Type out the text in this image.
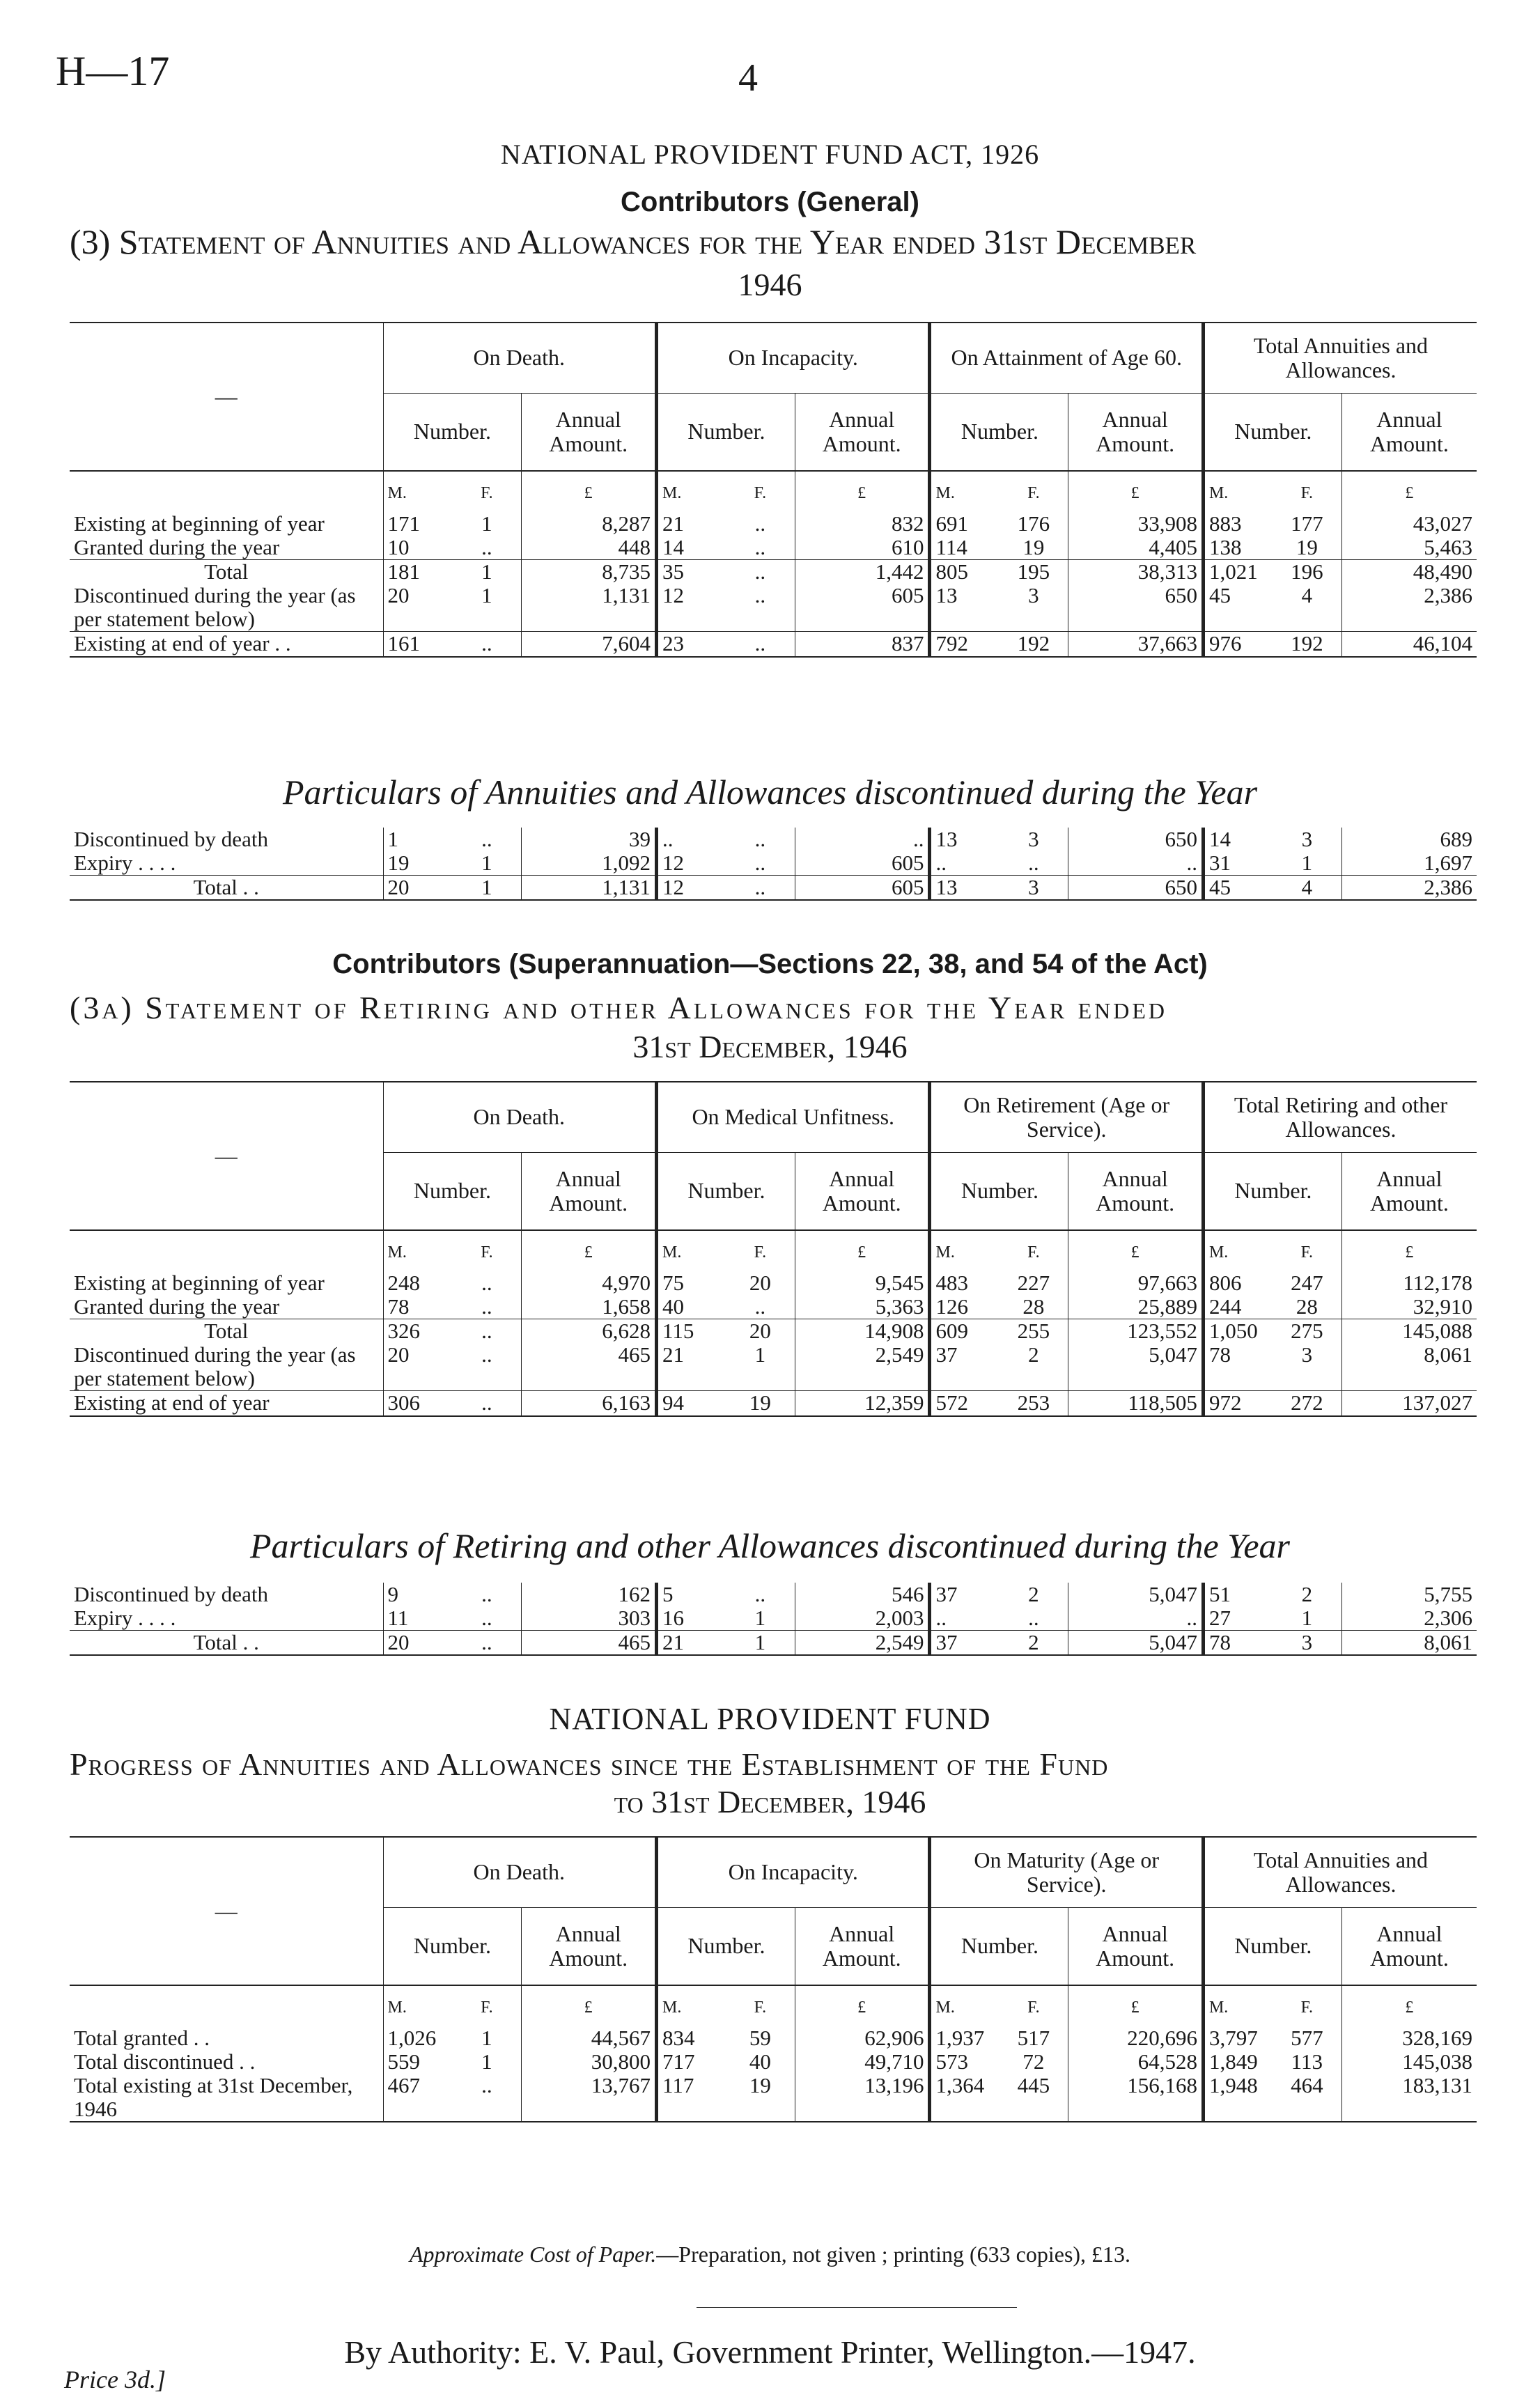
H—17	4
NATIONAL PROVIDENT FUND ACT, 1926
Contributors (General)
(3) Statement of Annuities and Allowances for the Year ended 31st December
1946
—	On Death.			On Incapacity.			On Attainment of Age 60.			Total Annuities and Allowances.		
	Number.		Annual Amount.	Number.		Annual Amount.	Number.		Annual Amount.	Number.		Annual Amount.
	M.	F.	£	M.	F.	£	M.	F.	£	M.	F.	£
Existing at beginning of year	171	1	8,287	21	..	832	691	176	33,908	883	177	43,027
Granted during the year	10	..	448	14	..	610	114	19	4,405	138	19	5,463
Total	181	1	8,735	35	..	1,442	805	195	38,313	1,021	196	48,490
Discontinued during the year (as per statement below)	20	1	1,131	12	..	605	13	3	650	45	4	2,386
Existing at end of year . .	161	..	7,604	23	..	837	792	192	37,663	976	192	46,104
Particulars of Annuities and Allowances discontinued during the Year
Discontinued by death	1	..	39	..	..	..	13	3	650	14	3	689
Expiry . . . .	19	1	1,092	12	..	605	..	..	..	31	1	1,697
Total . .	20	1	1,131	12	..	605	13	3	650	45	4	2,386
Contributors (Superannuation—Sections 22, 38, and 54 of the Act)
(3a) Statement of Retiring and other Allowances for the Year ended
31st December, 1946
—	On Death.			On Medical Unfitness.			On Retirement (Age or Service).			Total Retiring and other Allowances.		
	Number.		Annual Amount.	Number.		Annual Amount.	Number.		Annual Amount.	Number.		Annual Amount.
	M.	F.	£	M.	F.	£	M.	F.	£	M.	F.	£
Existing at beginning of year	248	..	4,970	75	20	9,545	483	227	97,663	806	247	112,178
Granted during the year	78	..	1,658	40	..	5,363	126	28	25,889	244	28	32,910
Total	326	..	6,628	115	20	14,908	609	255	123,552	1,050	275	145,088
Discontinued during the year (as per statement below)	20	..	465	21	1	2,549	37	2	5,047	78	3	8,061
Existing at end of year	306	..	6,163	94	19	12,359	572	253	118,505	972	272	137,027
Particulars of Retiring and other Allowances discontinued during the Year
Discontinued by death	9	..	162	5	..	546	37	2	5,047	51	2	5,755
Expiry . . . .	11	..	303	16	1	2,003	..	..	..	27	1	2,306
Total . .	20	..	465	21	1	2,549	37	2	5,047	78	3	8,061
NATIONAL PROVIDENT FUND
Progress of Annuities and Allowances since the Establishment of the Fund
to 31st December, 1946
—	On Death.			On Incapacity.			On Maturity (Age or Service).			Total Annuities and Allowances.		
	Number.		Annual Amount.	Number.		Annual Amount.	Number.		Annual Amount.	Number.		Annual Amount.
	M.	F.	£	M.	F.	£	M.	F.	£	M.	F.	£
Total granted . .	1,026	1	44,567	834	59	62,906	1,937	517	220,696	3,797	577	328,169
Total discontinued . .	559	1	30,800	717	40	49,710	573	72	64,528	1,849	113	145,038
Total existing at 31st December, 1946	467	..	13,767	117	19	13,196	1,364	445	156,168	1,948	464	183,131
Approximate Cost of Paper.—Preparation, not given ; printing (633 copies), £13.
By Authority: E. V. Paul, Government Printer, Wellington.—1947.
Price 3d.]
